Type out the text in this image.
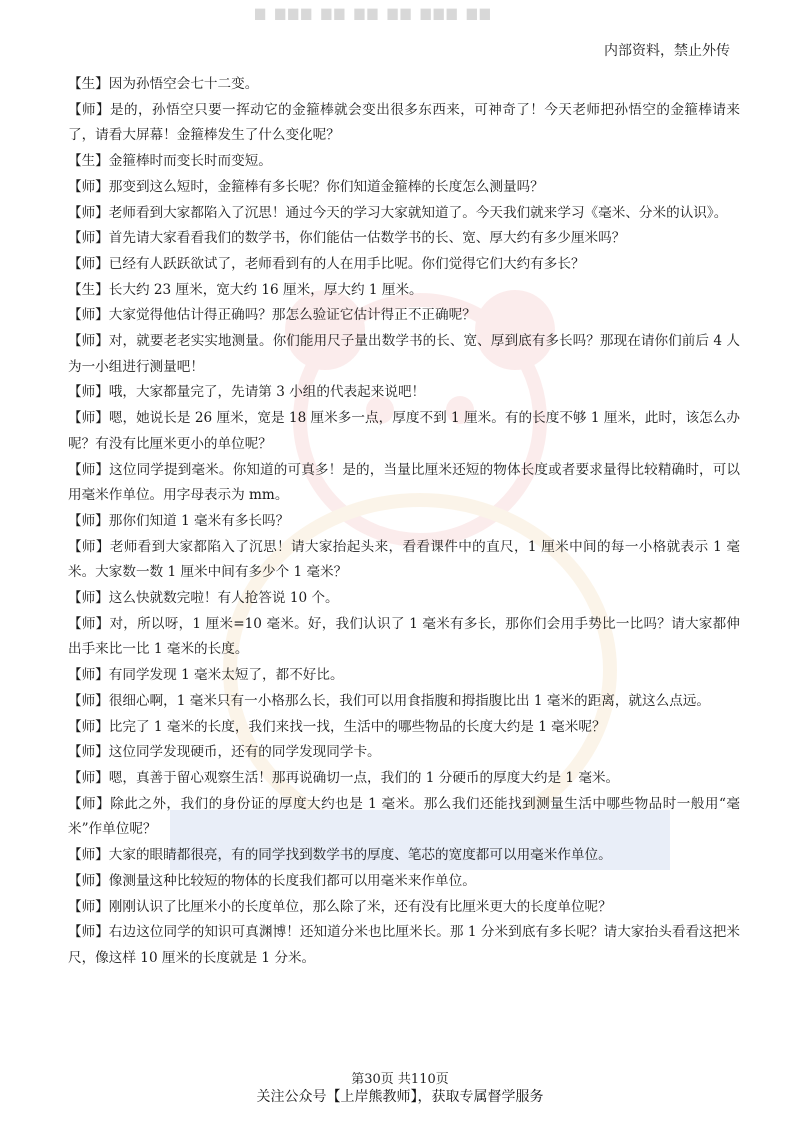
▆ ▆▆▆ ▆▆ ▆▆ ▆▆ ▆▆▆ ▆▆
内部资料，禁止外传

【生】因为孙悟空会七十二变。

【师】是的，孙悟空只要一挥动它的金箍棒就会变出很多东西来，可神奇了！今天老师把孙悟空的金箍棒请来了，请看大屏幕！金箍棒发生了什么变化呢？

【生】金箍棒时而变长时而变短。

【师】那变到这么短时，金箍棒有多长呢？你们知道金箍棒的长度怎么测量吗？

【师】老师看到大家都陷入了沉思！通过今天的学习大家就知道了。今天我们就来学习《毫米、分米的认识》。

【师】首先请大家看看我们的数学书，你们能估一估数学书的长、宽、厚大约有多少厘米吗？

【师】已经有人跃跃欲试了，老师看到有的人在用手比呢。你们觉得它们大约有多长？

【生】长大约 23 厘米，宽大约 16 厘米，厚大约 1 厘米。

【师】大家觉得他估计得正确吗？那怎么验证它估计得正不正确呢？

【师】对，就要老老实实地测量。你们能用尺子量出数学书的长、宽、厚到底有多长吗？那现在请你们前后 4 人为一小组进行测量吧！

【师】哦，大家都量完了，先请第 3 小组的代表起来说吧！

【师】嗯，她说长是 26 厘米，宽是 18 厘米多一点，厚度不到 1 厘米。有的长度不够 1 厘米，此时，该怎么办呢？有没有比厘米更小的单位呢？

【师】这位同学提到毫米。你知道的可真多！是的，当量比厘米还短的物体长度或者要求量得比较精确时，可以用毫米作单位。用字母表示为 mm。

【师】那你们知道 1 毫米有多长吗？

【师】老师看到大家都陷入了沉思！请大家抬起头来，看看课件中的直尺，1 厘米中间的每一小格就表示 1 毫米。大家数一数 1 厘米中间有多少个 1 毫米？

【师】这么快就数完啦！有人抢答说 10 个。

【师】对，所以呀，1 厘米=10 毫米。好，我们认识了 1 毫米有多长，那你们会用手势比一比吗？请大家都伸出手来比一比 1 毫米的长度。

【师】有同学发现 1 毫米太短了，都不好比。

【师】很细心啊，1 毫米只有一小格那么长，我们可以用食指腹和拇指腹比出 1 毫米的距离，就这么点远。

【师】比完了 1 毫米的长度，我们来找一找，生活中的哪些物品的长度大约是 1 毫米呢？

【师】这位同学发现硬币，还有的同学发现同学卡。

【师】嗯，真善于留心观察生活！那再说确切一点，我们的 1 分硬币的厚度大约是 1 毫米。

【师】除此之外，我们的身份证的厚度大约也是 1 毫米。那么我们还能找到测量生活中哪些物品时一般用“毫米”作单位呢？

【师】大家的眼睛都很亮，有的同学找到数学书的厚度、笔芯的宽度都可以用毫米作单位。

【师】像测量这种比较短的物体的长度我们都可以用毫米来作单位。

【师】刚刚认识了比厘米小的长度单位，那么除了米，还有没有比厘米更大的长度单位呢？

【师】右边这位同学的知识可真渊博！还知道分米也比厘米长。那 1 分米到底有多长呢？请大家抬头看看这把米尺，像这样 10 厘米的长度就是 1 分米。

第30页 共110页
关注公众号【上岸熊教师】，获取专属督学服务
